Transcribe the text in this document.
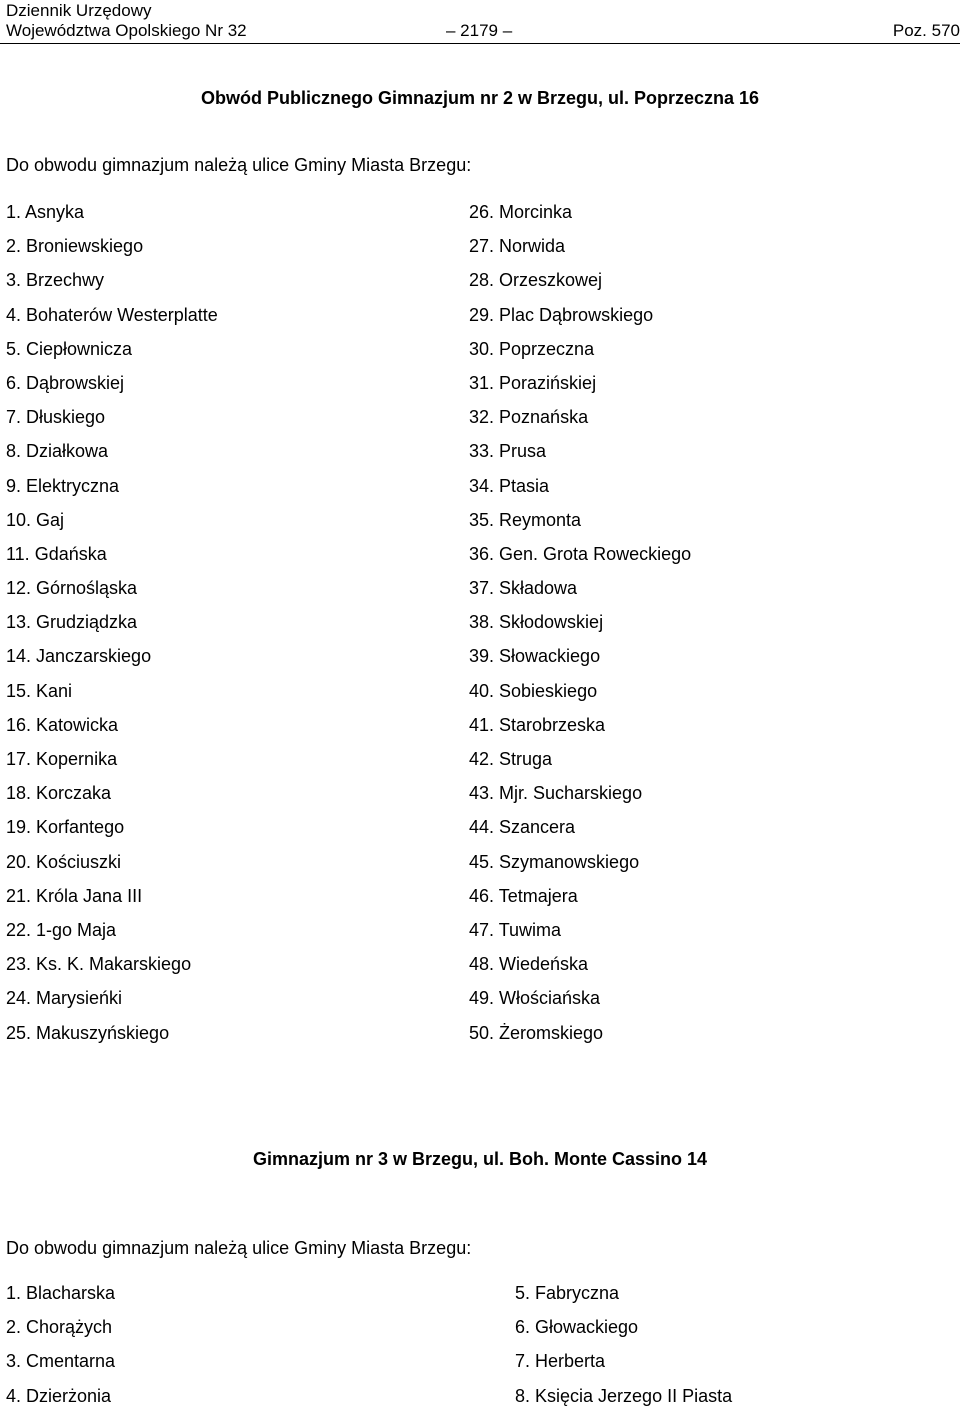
Dziennik Urzędowy
Województwa Opolskiego Nr 32	– 2179 –	Poz. 570
Obwód Publicznego Gimnazjum nr 2 w Brzegu, ul. Poprzeczna 16
Do obwodu gimnazjum należą ulice Gminy Miasta Brzegu:
1. Asnyka
2. Broniewskiego
3. Brzechwy
4. Bohaterów Westerplatte
5. Ciepłownicza
6. Dąbrowskiej
7. Dłuskiego
8. Działkowa
9. Elektryczna
10. Gaj
11. Gdańska
12. Górnośląska
13. Grudziądzka
14. Janczarskiego
15. Kani
16. Katowicka
17. Kopernika
18. Korczaka
19. Korfantego
20. Kościuszki
21. Króla Jana III
22. 1-go Maja
23. Ks. K. Makarskiego
24. Marysieńki
25. Makuszyńskiego
26. Morcinka
27. Norwida
28. Orzeszkowej
29. Plac Dąbrowskiego
30. Poprzeczna
31. Porazińskiej
32. Poznańska
33. Prusa
34. Ptasia
35. Reymonta
36. Gen. Grota Roweckiego
37. Składowa
38. Skłodowskiej
39. Słowackiego
40. Sobieskiego
41. Starobrzeska
42. Struga
43. Mjr. Sucharskiego
44. Szancera
45. Szymanowskiego
46. Tetmajera
47. Tuwima
48. Wiedeńska
49. Włościańska
50. Żeromskiego
Gimnazjum nr 3 w Brzegu, ul. Boh. Monte Cassino 14
Do obwodu gimnazjum należą ulice Gminy Miasta Brzegu:
1. Blacharska
2. Chorążych
3. Cmentarna
4. Dzierżonia
5. Fabryczna
6. Głowackiego
7. Herberta
8. Księcia Jerzego II Piasta
